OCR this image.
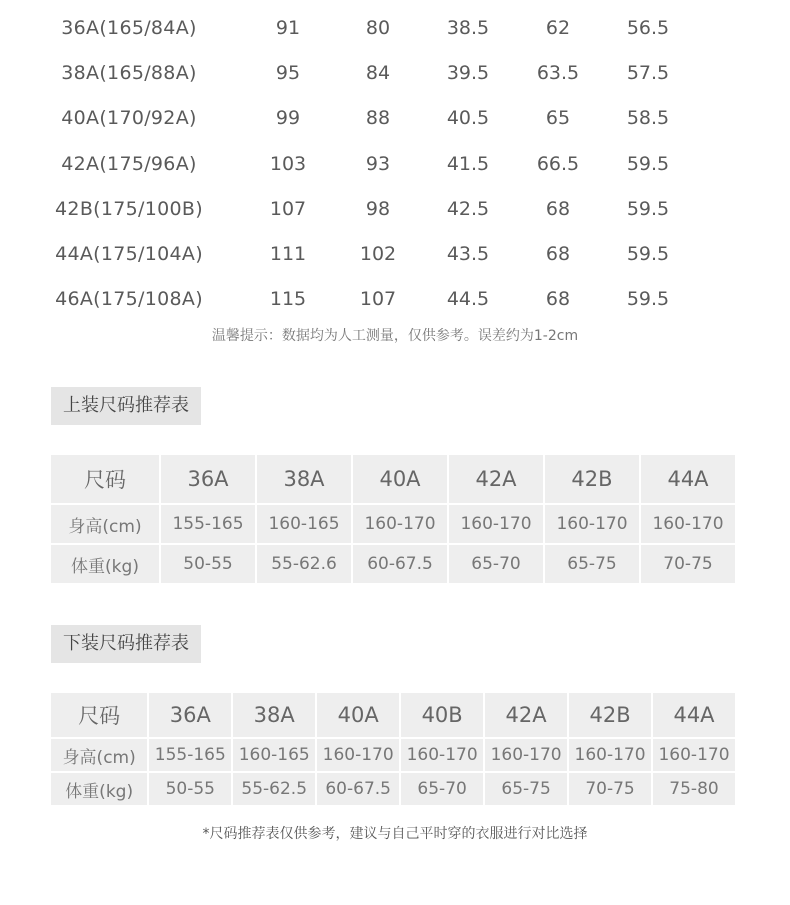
36A(165/84A)	91	80	38.5	62	56.5
38A(165/88A)	95	84	39.5	63.5	57.5
40A(170/92A)	99	88	40.5	65	58.5
42A(175/96A)	103	93	41.5	66.5	59.5
42B(175/100B)	107	98	42.5	68	59.5
44A(175/104A)	111	102	43.5	68	59.5
46A(175/108A)	115	107	44.5	68	59.5
温馨提示：数据均为人工测量，仅供参考。误差约为1-2cm
上装尺码推荐表
尺码	36A	38A	40A	42A	42B	44A
身高(cm)	155-165	160-165	160-170	160-170	160-170	160-170
体重(kg)	50-55	55-62.6	60-67.5	65-70	65-75	70-75
下装尺码推荐表
尺码	36A	38A	40A	40B	42A	42B	44A
身高(cm)	155-165	160-165	160-170	160-170	160-170	160-170	160-170
体重(kg)	50-55	55-62.5	60-67.5	65-70	65-75	70-75	75-80
*尺码推荐表仅供参考，建议与自己平时穿的衣服进行对比选择
